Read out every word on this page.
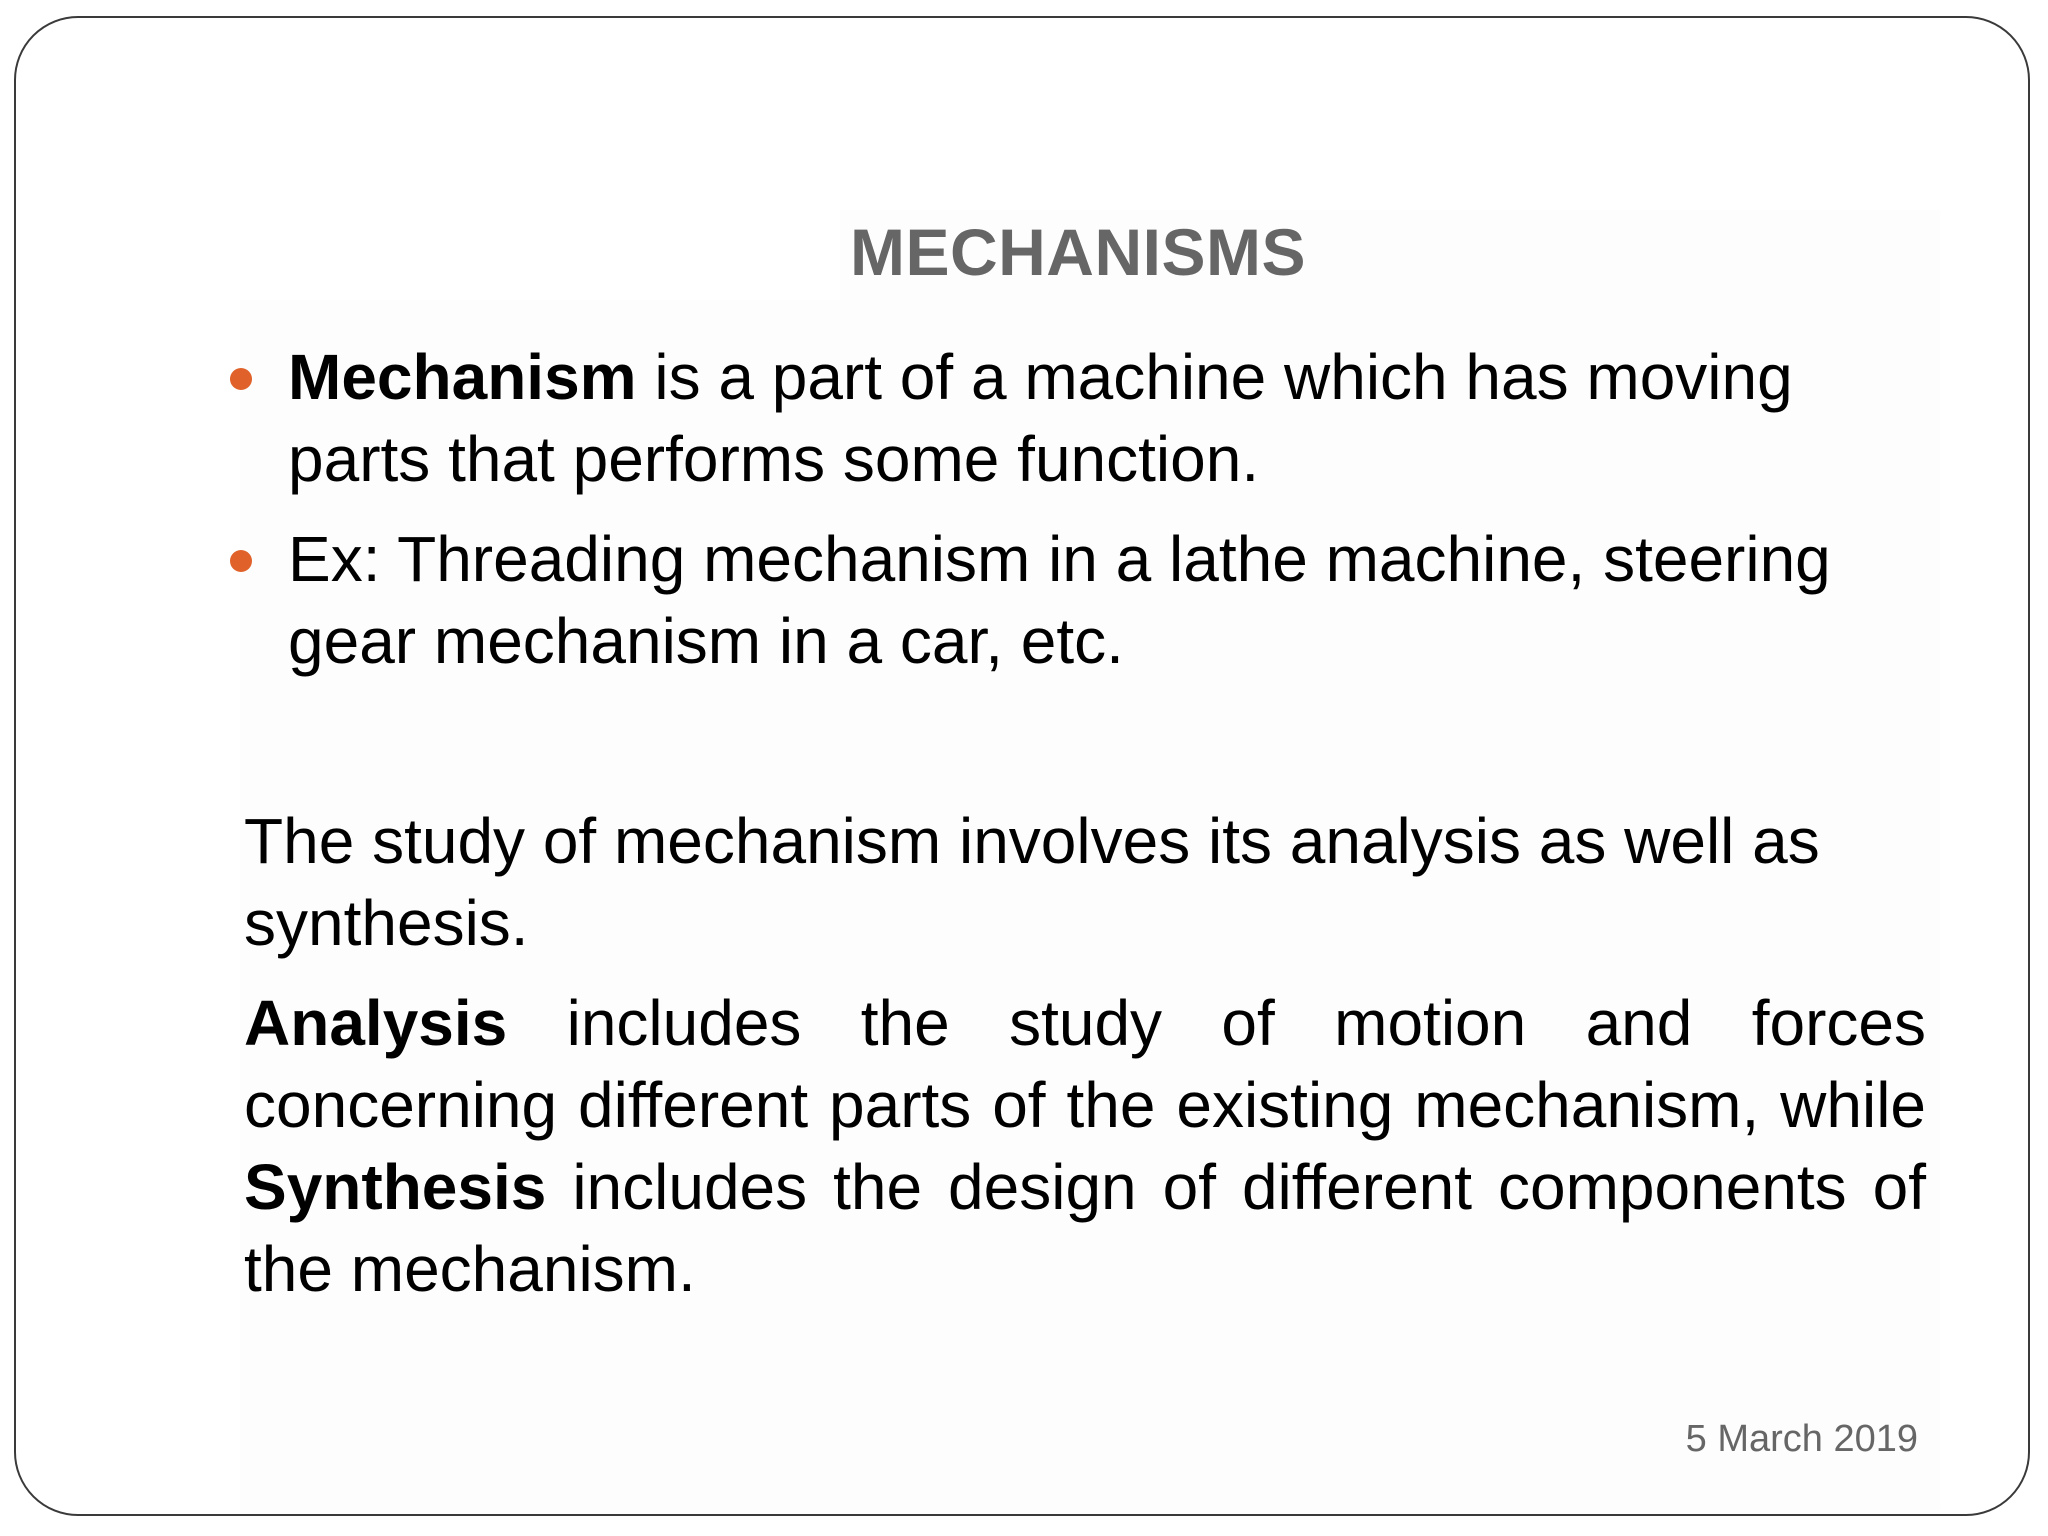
MECHANISMS
Mechanism is a part of a machine which has moving parts that performs some function.
Ex: Threading mechanism in a lathe machine, steering gear mechanism in a car, etc.

The study of mechanism involves its analysis as well as synthesis.

Analysis includes the study of motion and forces concerning different parts of the existing mechanism, while Synthesis includes the design of different components of the mechanism.

5 March 2019
